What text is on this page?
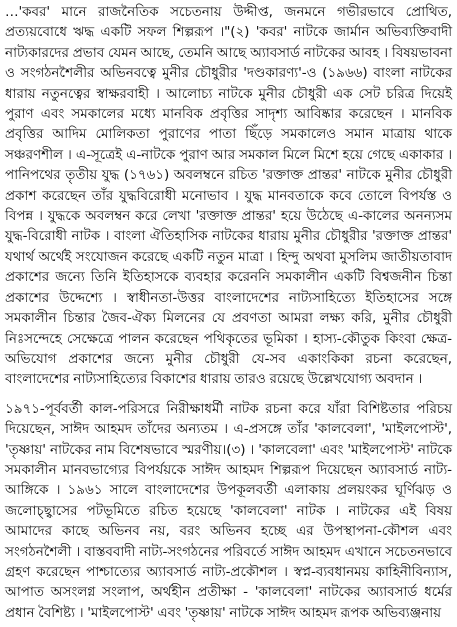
…'কবর' মানে রাজনৈতিক সচেতনায় উদ্দীপ্ত, জনমনে গভীরভাবে প্রোথিত, প্রত্যয়বোধে ঋদ্ধ একটি সফল শিল্পরূপ ।"(২) 'কবর' নাটকে জার্মান অভিব্যক্তিবাদী নাট্যকারদের প্রভাব যেমন আছে, তেমনি আছে অ্যাবসার্ড নাটকের আবহ । বিষয়ভাবনা ও সংগঠনশৈলীর অভিনবত্বে মুনীর চৌধুরীর 'দণ্ডকারণ্য'-ও (১৯৬৬) বাংলা নাটকের ধারায় নতুনত্বের স্বাক্ষরবাহী । আলোচ্য নাটকে মুনীর চৌধুরী এক সেট চরিত্র দিয়েই পুরাণ এবং সমকালের মধ্যে মানবিক প্রবৃত্তির সাদৃশ্য আবিষ্কার করেছেন । মানবিক প্রবৃত্তির আদিম মোলিকতা পুরাণের পাতা ছিঁড়ে সমকালেও সমান মাত্রায় থাকে সঞ্চরণশীল । এ-সূত্রেই এ-নাটকে পুরাণ আর সমকাল মিলে মিশে হয়ে গেছে একাকার । পানিপথের তৃতীয় যুদ্ধ (১৭৬১) অবলম্বনে রচিত 'রক্তাক্ত প্রান্তর' নাটকে মুনীর চৌধুরী প্রকাশ করেছেন তাঁর যুদ্ধবিরোধী মনোভাব । যুদ্ধ মানবতাকে কবে তোলে বিপর্যস্ত ও বিপন্ন । যুদ্ধকে অবলম্বন করে লেখা 'রক্তাক্ত প্রান্তর' হয়ে উঠেছে এ-কালের অনন্যসম যুদ্ধ-বিরোধী নাটক । বাংলা ঐতিহাসিক নাটকের ধারায় মুনীর চৌধুরীর 'রক্তাক্ত প্রান্তর' যথার্থ অর্থেই সংযোজন করেছে একটি নতুন মাত্রা । হিন্দু অথবা মুসলিম জাতীয়তাবাদ প্রকাশের জন্যে তিনি ইতিহাসকে ব্যবহার করেননি সমকালীন একটি বিশ্বজনীন চিন্তা প্রকাশের উদ্দেশ্যে । স্বাধীনতা-উত্তর বাংলাদেশের নাট্যসাহিত্যে ইতিহাসের সঙ্গে সমকালীন চিন্তার জৈব-ঐক্য মিলনের যে প্রবণতা আমরা লক্ষ্য করি, মুনীর চৌধুরী নিঃসন্দেহে সেক্ষেত্রে পালন করেছেন পথিকৃতের ভূমিকা । হাস্য-কৌতুক কিংবা ক্ষেত্র-অভিযোগ প্রকাশের জন্যে মুনীর চৌধুরী যে-সব একাংকিকা রচনা করেছেন, বাংলাদেশের নাট্যসাহিত্যের বিকাশের ধারায় তারও রয়েছে উল্লেখযোগ্য অবদান ।

১৯৭১-পূর্ববর্তী কাল-পরিসরে নিরীক্ষাধর্মী নাটক রচনা করে যাঁরা বিশিষ্টতার পরিচয় দিয়েছেন, সাঈদ আহমদ তাঁদের অন্যতম । এ-প্রসঙ্গে তাঁর 'কালবেলা', 'মাইলপোস্ট', 'তৃষ্ণায়' নাটকের নাম বিশেষভাবে স্মরণীয়।(৩) । 'কালবেলা' এবং 'মাইলপোস্ট' নাটকে সমকালীন মানবভাগ্যের বিপর্যয়কে সাঈদ আহমদ শিল্পরূপ দিয়েছেন অ্যাবসার্ড নাট্য-আঙ্গিকে । ১৯৬১ সালে বাংলাদেশের উপকূলবর্তী এলাকায় প্রলয়ংকর ঘূর্ণিঝড় ও জলোচ্ছ্বাসের পটভূমিতে রচিত হয়েছে 'কালবেলা' নাটক । নাটকের এই বিষয় আমাদের কাছে অভিনব নয়, বরং অভিনব হচ্ছে এর উপস্থাপনা-কৌশল এবং সংগঠনশৈলী । বাস্তববাদী নাট্য-সংগঠনের পরিবর্তে সাঈদ আহমদ এখানে সচেতনভাবে গ্রহণ করেছেন পাশ্চাত্যের অ্যাবসার্ড নাট্য-প্রকৌশল । স্বপ্ন-ব্যবধানময় কাহিনীবিন্যাস, আপাত অসংলগ্ন সংলাপ, অর্থহীন প্রতীক্ষা - 'কালবেলা' নাটকের অ্যাবসার্ড ধর্মের প্রধান বৈশিষ্ট্য । 'মাইলপোস্ট' এবং 'তৃষ্ণায়' নাটকে সাঈদ আহমদ রূপক অভিব্যঞ্জনায়
